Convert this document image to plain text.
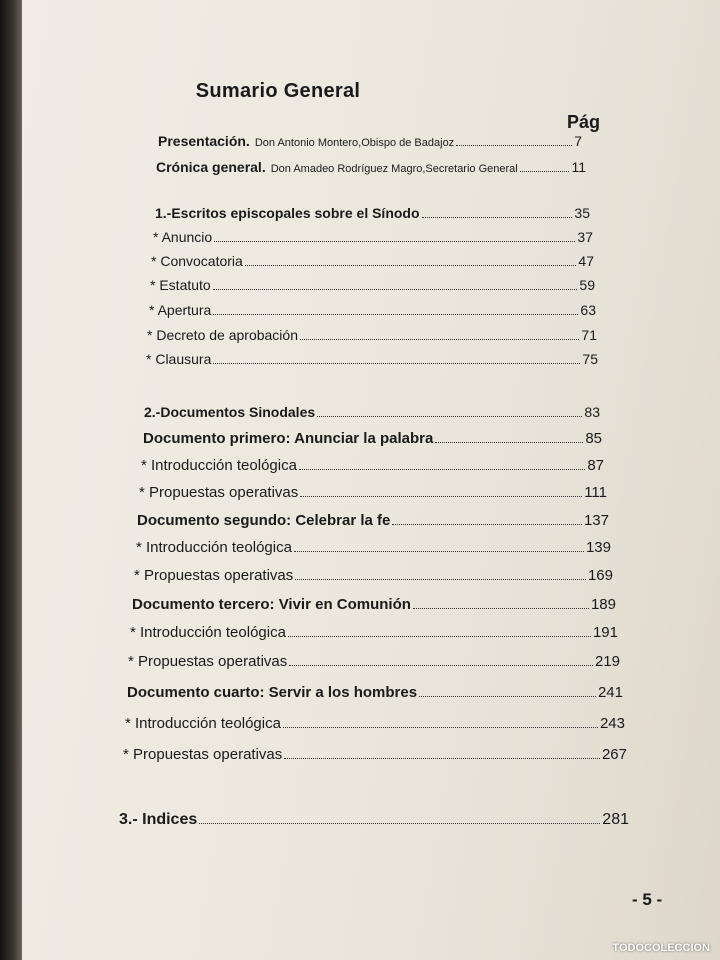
Sumario General
Pág
Presentación. Don Antonio Montero,Obispo de Badajoz	7
Crónica general. Don Amadeo Rodríguez Magro,Secretario General	11
1.-Escritos episcopales sobre el Sínodo	35
* Anuncio	37
* Convocatoria	47
* Estatuto	59
* Apertura	63
* Decreto de aprobación	71
* Clausura	75
2.-Documentos Sinodales	83
Documento primero: Anunciar la palabra	85
* Introducción teológica	87
* Propuestas operativas	111
Documento segundo: Celebrar la fe	137
* Introducción teológica	139
* Propuestas operativas	169
Documento tercero: Vivir en Comunión	189
* Introducción teológica	191
* Propuestas operativas	219
Documento cuarto: Servir a los hombres	241
* Introducción teológica	243
* Propuestas operativas	267
3.- Indices	281
- 5 -
TODOCOLECCION
